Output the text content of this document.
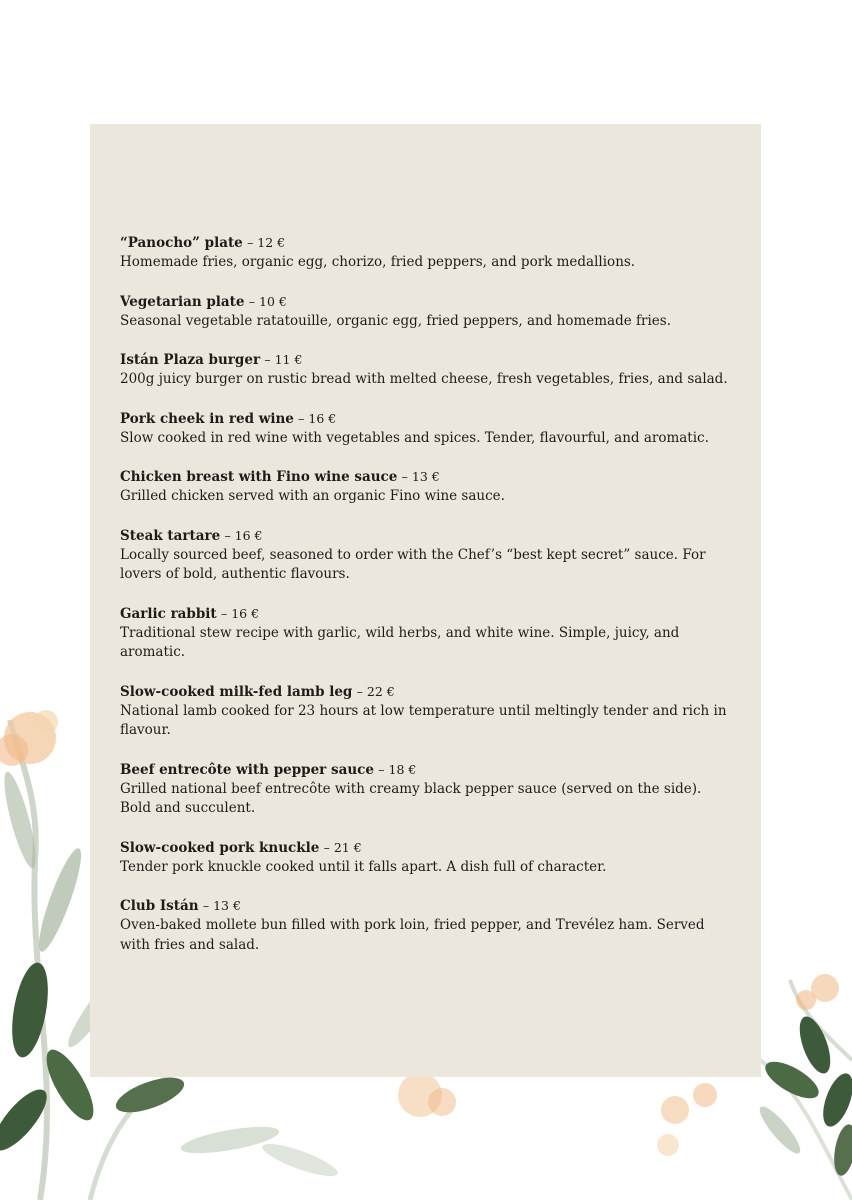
“Panocho” plate – 12 €
Homemade fries, organic egg, chorizo, fried peppers, and pork medallions.
Vegetarian plate – 10 €
Seasonal vegetable ratatouille, organic egg, fried peppers, and homemade fries.
Istán Plaza burger – 11 €
200g juicy burger on rustic bread with melted cheese, fresh vegetables, fries, and salad.
Pork cheek in red wine – 16 €
Slow cooked in red wine with vegetables and spices. Tender, flavourful, and aromatic.
Chicken breast with Fino wine sauce – 13 €
Grilled chicken served with an organic Fino wine sauce.
Steak tartare – 16 €
Locally sourced beef, seasoned to order with the Chef’s “best kept secret” sauce. For lovers of bold, authentic flavours.
Garlic rabbit – 16 €
Traditional stew recipe with garlic, wild herbs, and white wine. Simple, juicy, and aromatic.
Slow-cooked milk-fed lamb leg – 22 €
National lamb cooked for 23 hours at low temperature until meltingly tender and rich in flavour.
Beef entrecôte with pepper sauce – 18 €
Grilled national beef entrecôte with creamy black pepper sauce (served on the side). Bold and succulent.
Slow-cooked pork knuckle – 21 €
Tender pork knuckle cooked until it falls apart. A dish full of character.
Club Istán – 13 €
Oven-baked mollete bun filled with pork loin, fried pepper, and Trevélez ham. Served with fries and salad.
